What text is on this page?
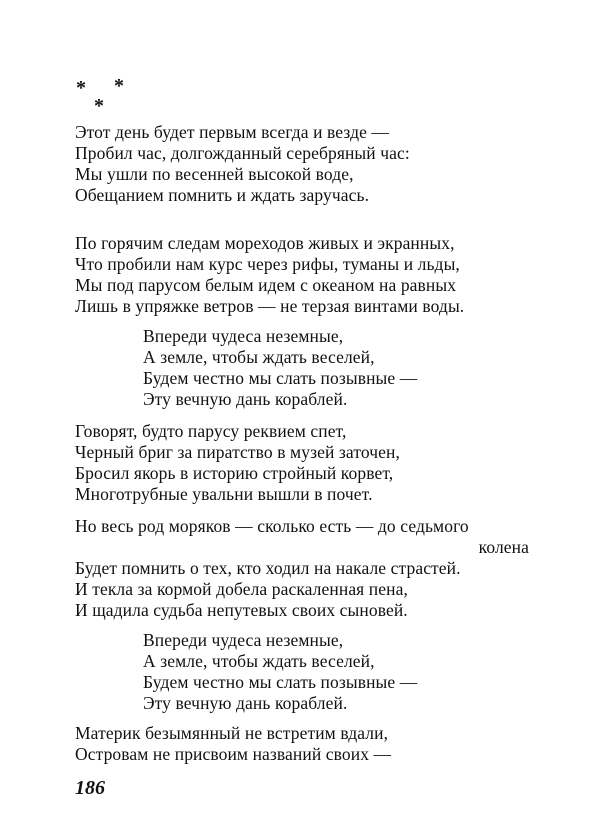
* *
*
Этот день будет первым всегда и везде —
Пробил час, долгожданный серебряный час:
Мы ушли по весенней высокой воде,
Обещанием помнить и ждать заручась.
По горячим следам мореходов живых и экранных,
Что пробили нам курс через рифы, туманы и льды,
Мы под парусом белым идем с океаном на равных
Лишь в упряжке ветров — не терзая винтами воды.
Впереди чудеса неземные,
А земле, чтобы ждать веселей,
Будем честно мы слать позывные —
Эту вечную дань кораблей.
Говорят, будто парусу реквием спет,
Черный бриг за пиратство в музей заточен,
Бросил якорь в историю стройный корвет,
Многотрубные увальни вышли в почет.
Но весь род моряков — сколько есть — до седьмого
колена
Будет помнить о тех, кто ходил на накале страстей.
И текла за кормой добела раскаленная пена,
И щадила судьба непутевых своих сыновей.
Впереди чудеса неземные,
А земле, чтобы ждать веселей,
Будем честно мы слать позывные —
Эту вечную дань кораблей.
Материк безымянный не встретим вдали,
Островам не присвоим названий своих —
186
